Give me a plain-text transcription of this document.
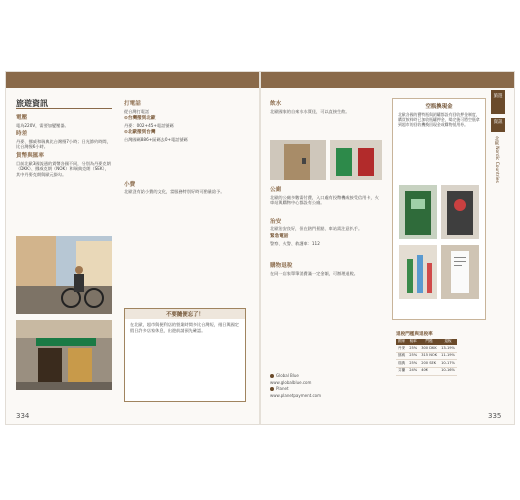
旅遊資訊
電壓

電為220V，需要加變壓器。

時差

丹麥、挪威和瑞典比台灣慢7小時；日光節約時間，比台灣慢6小時。

貨幣與匯率

目前北歐3國流通的貨幣各國不同，分別為丹麥克朗（DKK）、挪威克朗（NOK）和瑞典克朗（SEK），其中丹麥克朗與歐元掛勾。

打電話

從台灣打電話

⊙台灣撥到北歐

丹麥：002+45+電話號碼

⊙北歐撥到台灣

台灣國碼886+區碼去0+電話號碼

小費

北歐沒有給小費的文化，當服務特別好時可酌量給予。

不要隨便忘了！
在北歐，超市與便利店的營業時間多比台灣短，週日與國定假日許多店家休息，出遊前請預先確認。
334
飲水

北歐國家的自來水水質佳，可以直接生飲。

公廁

北歐的公廁多數需付費，入口處有投幣機或接受信用卡，火車站與購物中心都設有公廁。

治安

北歐治安良好，但在熱門景點、車站需注意扒手。

緊急電話

警察、火警、救護車：112

購物退稅

在同一店家單筆消費滿一定金額，可辦理退稅。

空瓶換現金
北歐各國的寶特瓶與鋁罐都設有回收押金制度，購買飲料時已加收瓶罐押金，喝完後可將空瓶拿到超市的回收機換回現金或購物抵用券。
退稅門檻與退稅率
國家	稅率	門檻	退稅
丹麥	25%	300 DKK	13-19%
挪威	25%	315 NOK	11-19%
瑞典	25%	200 SEK	10-17%
芬蘭	24%	40€	10-16%
Global Blue
www.globalblue.com
Planet
www.planetpayment.com
335
旅遊
資訊
北歐 Nordic Countries
